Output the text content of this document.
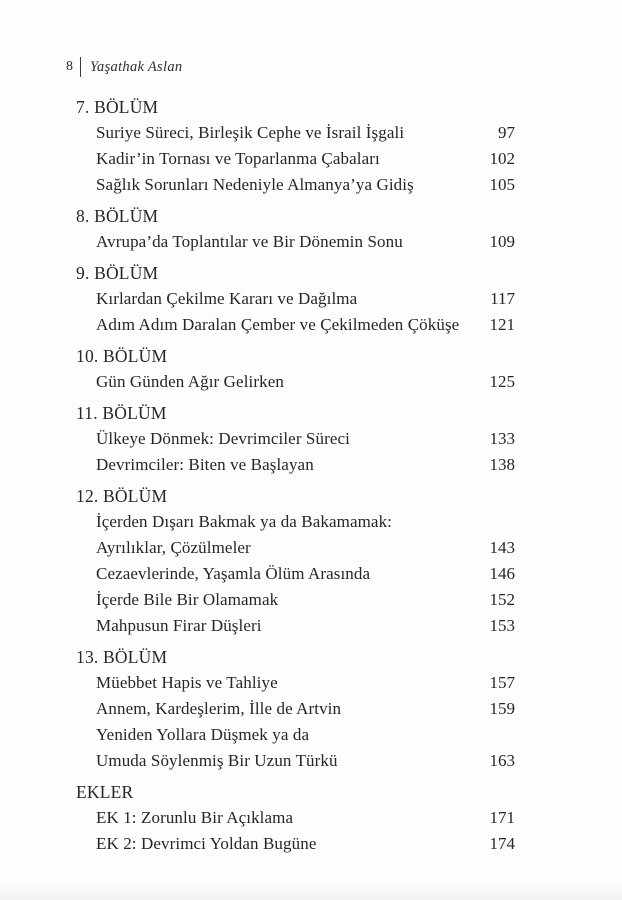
8	Yaşathak Aslan
7. BÖLÜM
Suriye Süreci, Birleşik Cephe ve İsrail İşgali	97
Kadir’in Tornası ve Toparlanma Çabaları	102
Sağlık Sorunları Nedeniyle Almanya’ya Gidiş	105
8. BÖLÜM
Avrupa’da Toplantılar ve Bir Dönemin Sonu	109
9. BÖLÜM
Kırlardan Çekilme Kararı ve Dağılma	117
Adım Adım Daralan Çember ve Çekilmeden Çöküşe	121
10. BÖLÜM
Gün Günden Ağır Gelirken	125
11. BÖLÜM
Ülkeye Dönmek: Devrimciler Süreci	133
Devrimciler: Biten ve Başlayan	138
12. BÖLÜM
İçerden Dışarı Bakmak ya da Bakamamak:
Ayrılıklar, Çözülmeler	143
Cezaevlerinde, Yaşamla Ölüm Arasında	146
İçerde Bile Bir Olamamak	152
Mahpusun Firar Düşleri	153
13. BÖLÜM
Müebbet Hapis ve Tahliye	157
Annem, Kardeşlerim, İlle de Artvin	159
Yeniden Yollara Düşmek ya da
Umuda Söylenmiş Bir Uzun Türkü	163
EKLER
EK 1: Zorunlu Bir Açıklama	171
EK 2: Devrimci Yoldan Bugüne	174
